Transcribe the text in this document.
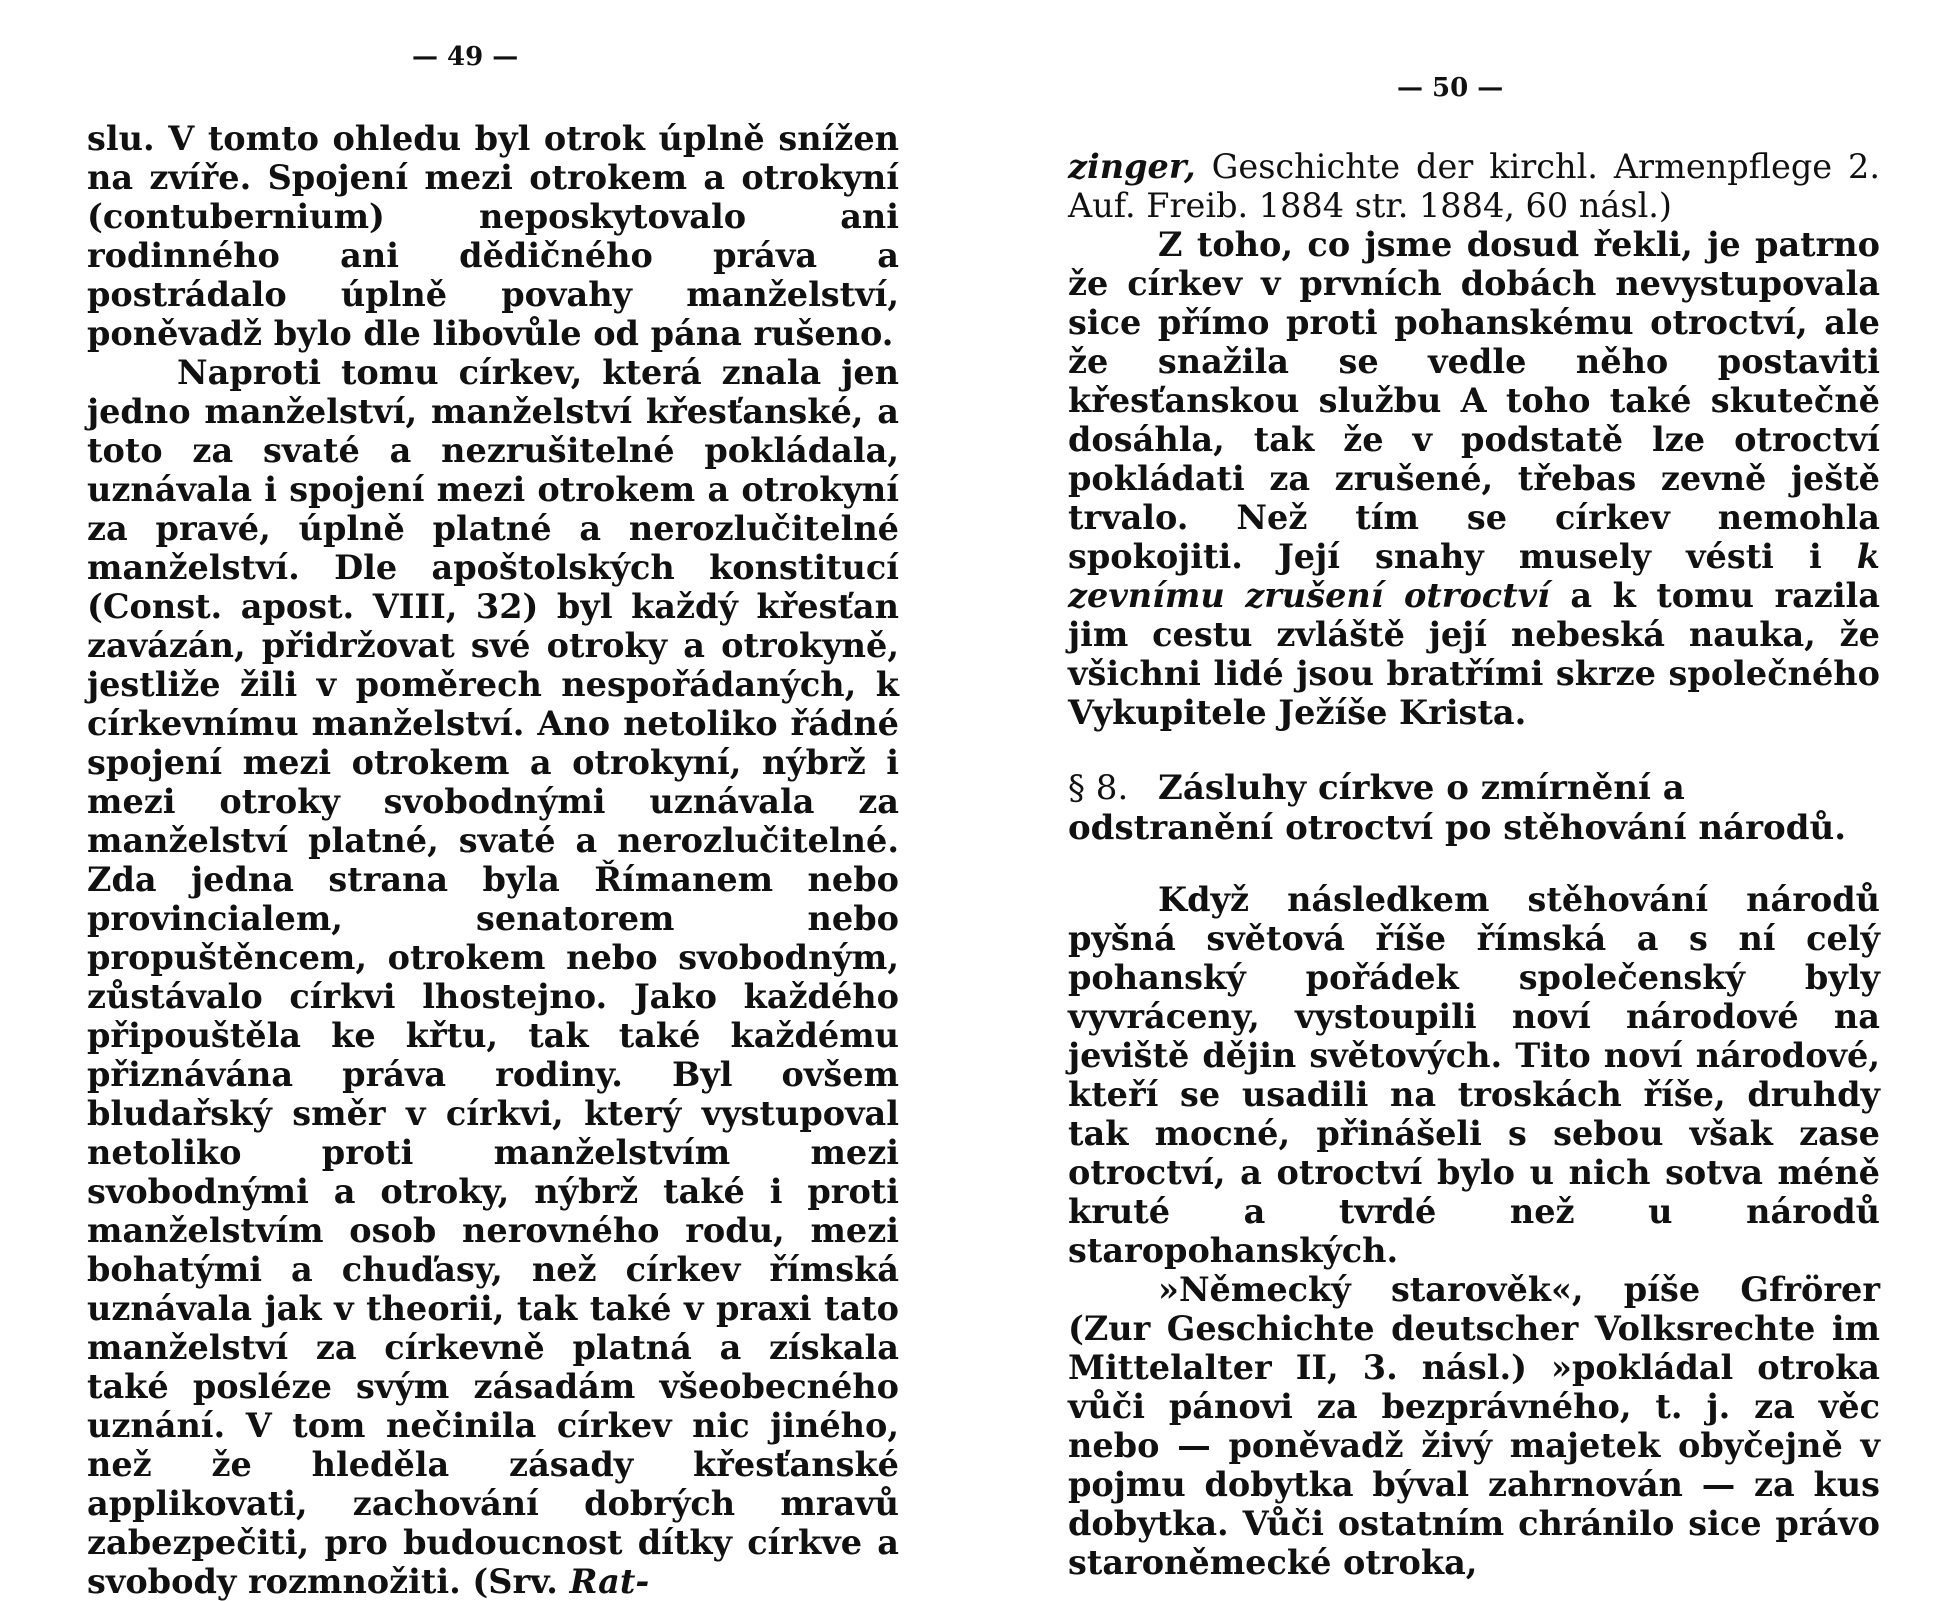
— 49 —

slu. V tomto ohledu byl otrok úplně snížen na zvíře. Spojení mezi otrokem a otrokyní (contubernium) neposkytovalo ani rodinného ani dědičného práva a postrádalo úplně povahy manželství, poněvadž bylo dle libovůle od pána rušeno.

Naproti tomu církev, která znala jen jedno manželství, manželství křesťanské, a toto za svaté a nezrušitelné pokládala, uznávala i spojení mezi otrokem a otrokyní za pravé, úplně platné a nerozlučitelné manželství. Dle apoštolských konstitucí (Const. apost. VIII, 32) byl každý křesťan zavázán, přidržovat své otroky a otrokyně, jestliže žili v poměrech nespořádaných, k církevnímu manželství. Ano netoliko řádné spojení mezi otrokem a otrokyní, nýbrž i mezi otroky svobodnými uznávala za manželství platné, svaté a nerozlučitelné. Zda jedna strana byla Římanem nebo provincialem, senatorem nebo propuštěncem, otrokem nebo svobodným, zůstávalo církvi lhostejno. Jako každého připouštěla ke křtu, tak také každému přiznávána práva rodiny. Byl ovšem bludařský směr v církvi, který vystupoval netoliko proti manželstvím mezi svobodnými a otroky, nýbrž také i proti manželstvím osob nerovného rodu, mezi bohatými a chuďasy, než církev římská uznávala jak v theorii, tak také v praxi tato manželství za církevně platná a získala také posléze svým zásadám všeobecného uznání. V tom nečinila církev nic jiného, než že hleděla zásady křesťanské applikovati, zachování dobrých mravů zabezpečiti, pro budoucnost dítky církve a svobody rozmnožiti. (Srv. Rat-

— 50 —

zinger, Geschichte der kirchl. Armenpflege 2. Auf. Freib. 1884 str. 1884, 60 násl.)

Z toho, co jsme dosud řekli, je patrno že církev v prvních dobách nevystupovala sice přímo proti pohanskému otroctví, ale že snažila se vedle něho postaviti křesťanskou službu A toho také skutečně dosáhla, tak že v podstatě lze otroctví pokládati za zrušené, třebas zevně ještě trvalo. Než tím se církev nemohla spokojiti. Její snahy musely vésti i k zevnímu zrušení otroctví a k tomu razila jim cestu zvláště její nebeská nauka, že všichni lidé jsou bratřími skrze společného Vykupitele Ježíše Krista.

§ 8. Zásluhy církve o zmírnění a odstranění otroctví po stěhování národů.

Když následkem stěhování národů pyšná světová říše římská a s ní celý pohanský pořádek společenský byly vyvráceny, vystoupili noví národové na jeviště dějin světových. Tito noví národové, kteří se usadili na troskách říše, druhdy tak mocné, přinášeli s sebou však zase otroctví, a otroctví bylo u nich sotva méně kruté a tvrdé než u národů staropohanských.

»Německý starověk«, píše Gfrörer (Zur Geschichte deutscher Volksrechte im Mittelalter II, 3. násl.) »pokládal otroka vůči pánovi za bezprávného, t. j. za věc nebo — poněvadž živý majetek obyčejně v pojmu dobytka býval zahrnován — za kus dobytka. Vůči ostatním chránilo sice právo staroněmecké otroka,
